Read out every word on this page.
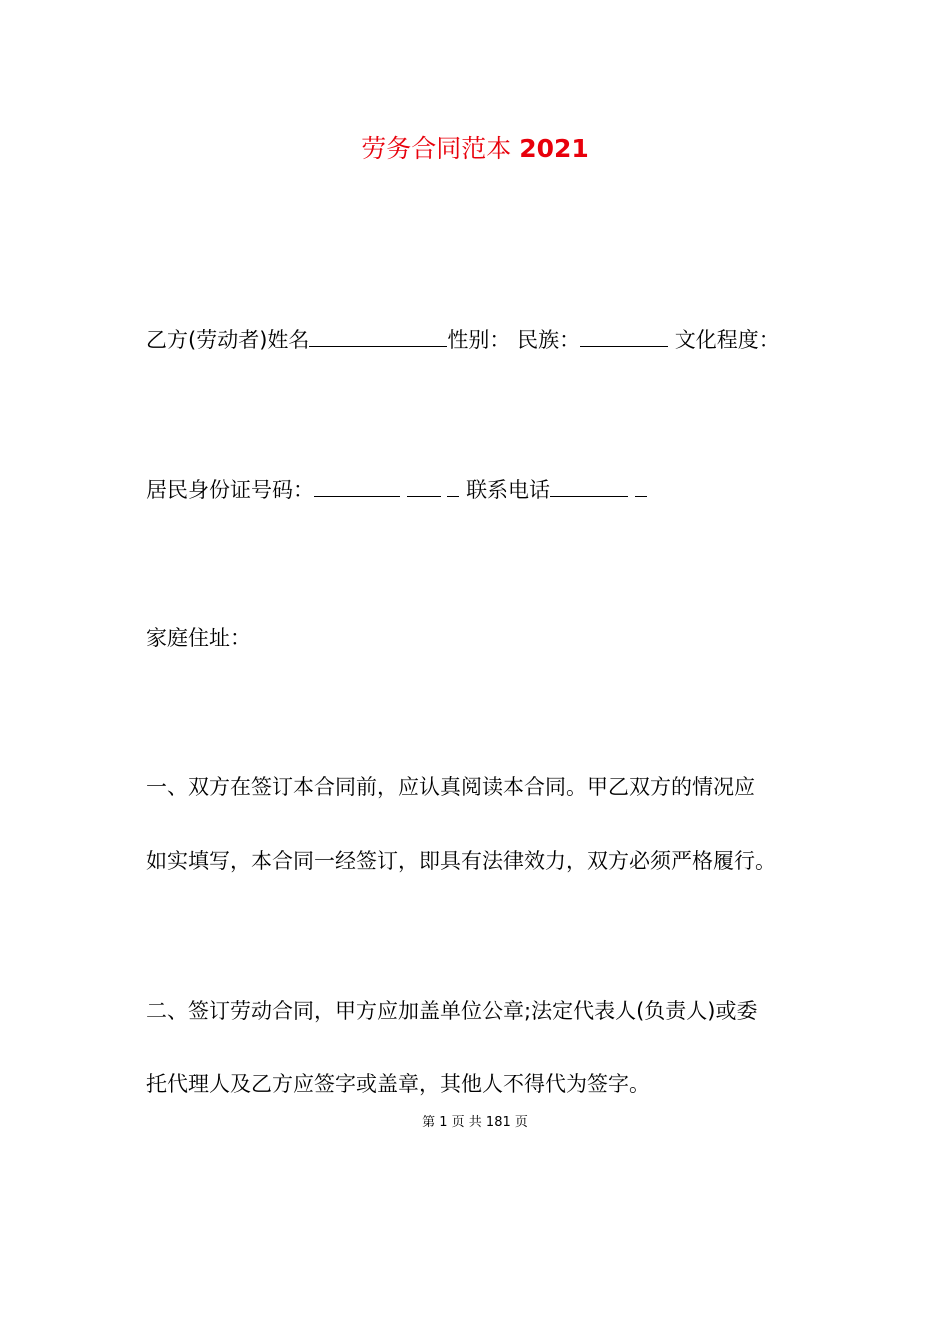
劳务合同范本 2021
乙方(劳动者)姓名	性别： 民族：	文化程度：
居民身份证号码：	联系电话
家庭住址：
一、双方在签订本合同前，应认真阅读本合同。甲乙双方的情况应
如实填写，本合同一经签订，即具有法律效力，双方必须严格履行。
二、签订劳动合同，甲方应加盖单位公章;法定代表人(负责人)或委
托代理人及乙方应签字或盖章，其他人不得代为签字。
第 1 页 共 181 页
